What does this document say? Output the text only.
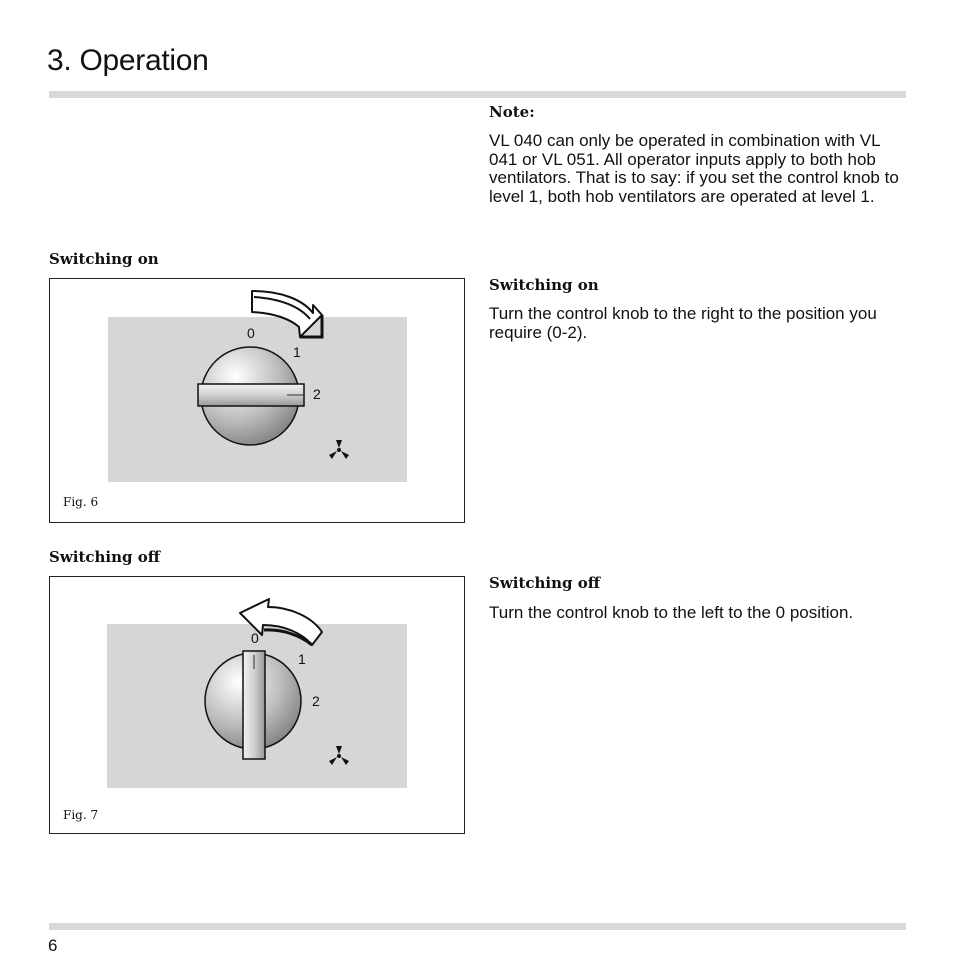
3. Operation

Note:

VL 040 can only be operated in combination with VL 041 or VL 051. All operator inputs apply to both hob ventilators. That is to say: if you set the control knob to level 1, both hob ventilators are operated at level 1.

Switching on

Switching on

Turn the control knob to the right to the position you require (0-2).

0
1
2
Fig. 6

Switching off

Switching off

Turn the control knob to the left to the 0 position.

0
1
2
Fig. 7
6
